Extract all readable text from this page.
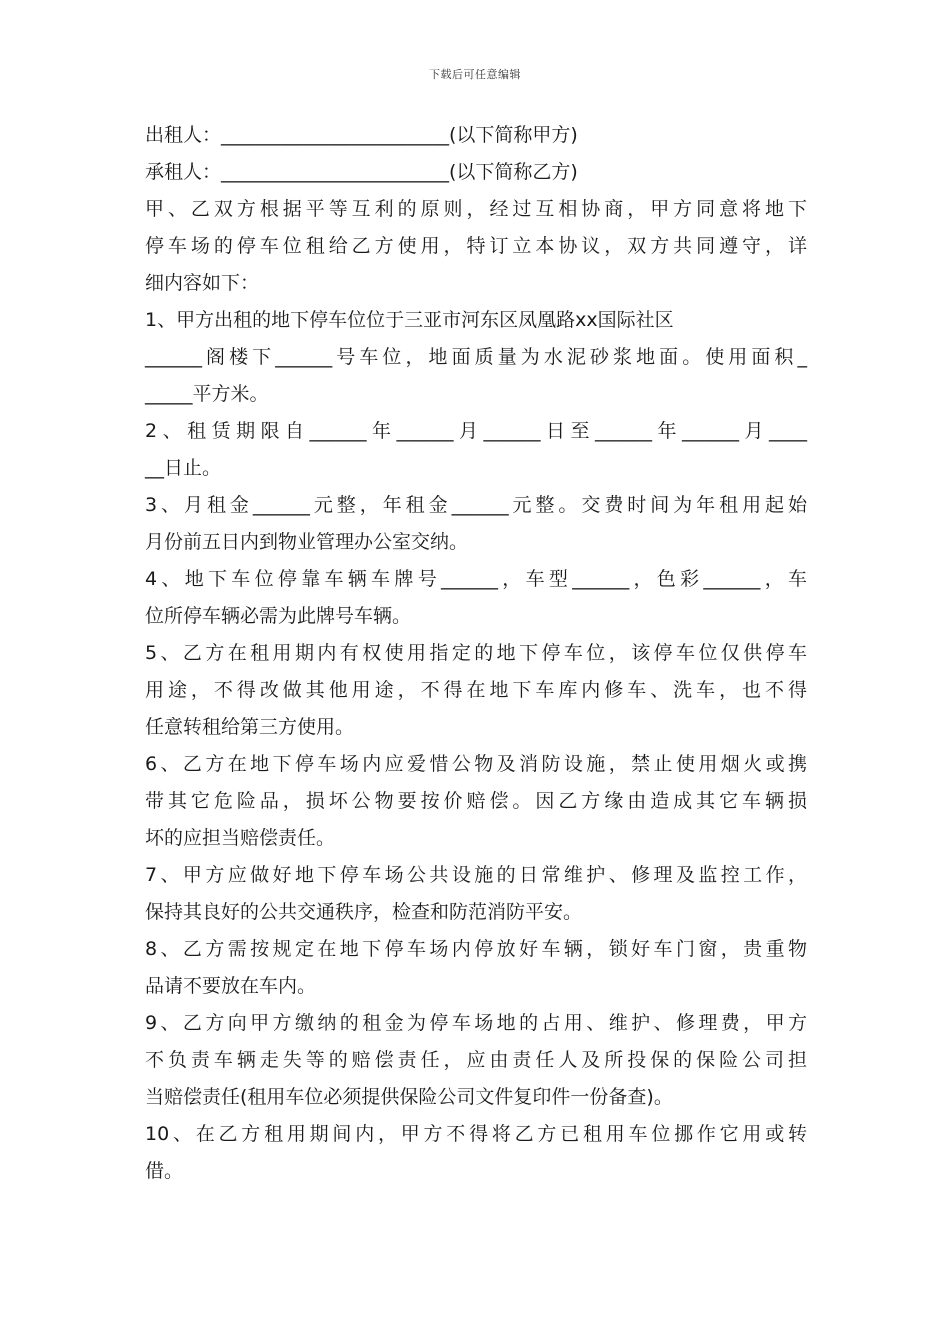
下载后可任意编辑
出租人：________________________(以下简称甲方)
承租人：________________________(以下简称乙方)
甲、乙双方根据平等互利的原则，经过互相协商，甲方同意将地下
停车场的停车位租给乙方使用，特订立本协议，双方共同遵守，详
细内容如下：
1、甲方出租的地下停车位位于三亚市河东区凤凰路xx国际社区
______阁楼下______号车位，地面质量为水泥砂浆地面。使用面积_
_____平方米。
2、租赁期限自______年______月______日至______年______月____
__日止。
3、月租金______元整，年租金______元整。交费时间为年租用起始
月份前五日内到物业管理办公室交纳。
4、地下车位停靠车辆车牌号______，车型______，色彩______，车
位所停车辆必需为此牌号车辆。
5、乙方在租用期内有权使用指定的地下停车位，该停车位仅供停车
用途，不得改做其他用途，不得在地下车库内修车、洗车，也不得
任意转租给第三方使用。
6、乙方在地下停车场内应爱惜公物及消防设施，禁止使用烟火或携
带其它危险品，损坏公物要按价赔偿。因乙方缘由造成其它车辆损
坏的应担当赔偿责任。
7、甲方应做好地下停车场公共设施的日常维护、修理及监控工作，
保持其良好的公共交通秩序，检查和防范消防平安。
8、乙方需按规定在地下停车场内停放好车辆，锁好车门窗，贵重物
品请不要放在车内。
9、乙方向甲方缴纳的租金为停车场地的占用、维护、修理费，甲方
不负责车辆走失等的赔偿责任，应由责任人及所投保的保险公司担
当赔偿责任(租用车位必须提供保险公司文件复印件一份备查)。
10、在乙方租用期间内，甲方不得将乙方已租用车位挪作它用或转
借。
